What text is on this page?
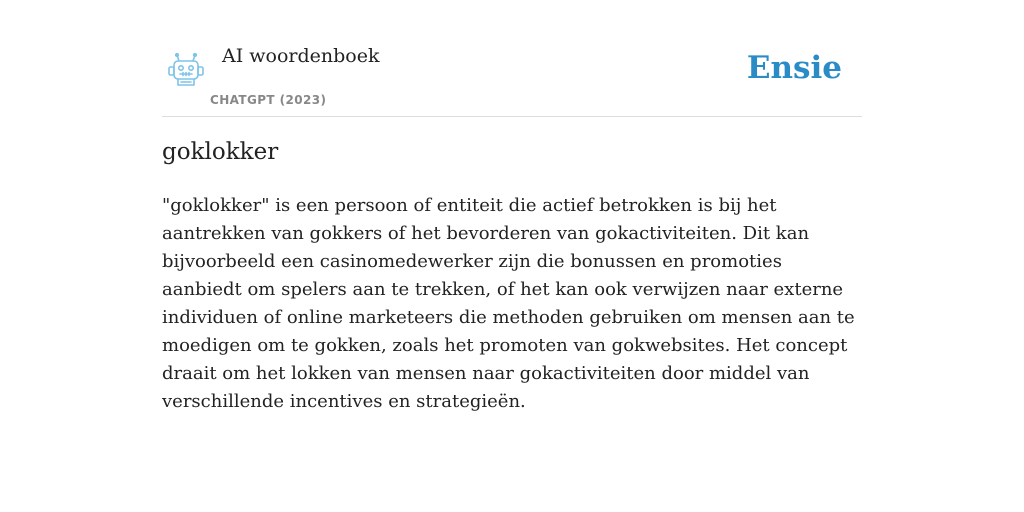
AI woordenboek
CHATGPT (2023)
Ensie
goklokker

"goklokker" is een persoon of entiteit die actief betrokken is bij het aantrekken van gokkers of het bevorderen van gokactiviteiten. Dit kan bijvoorbeeld een casinomedewerker zijn die bonussen en promoties aanbiedt om spelers aan te trekken, of het kan ook verwijzen naar externe individuen of online marketeers die methoden gebruiken om mensen aan te moedigen om te gokken, zoals het promoten van gokwebsites. Het concept draait om het lokken van mensen naar gokactiviteiten door middel van verschillende incentives en strategieën.
